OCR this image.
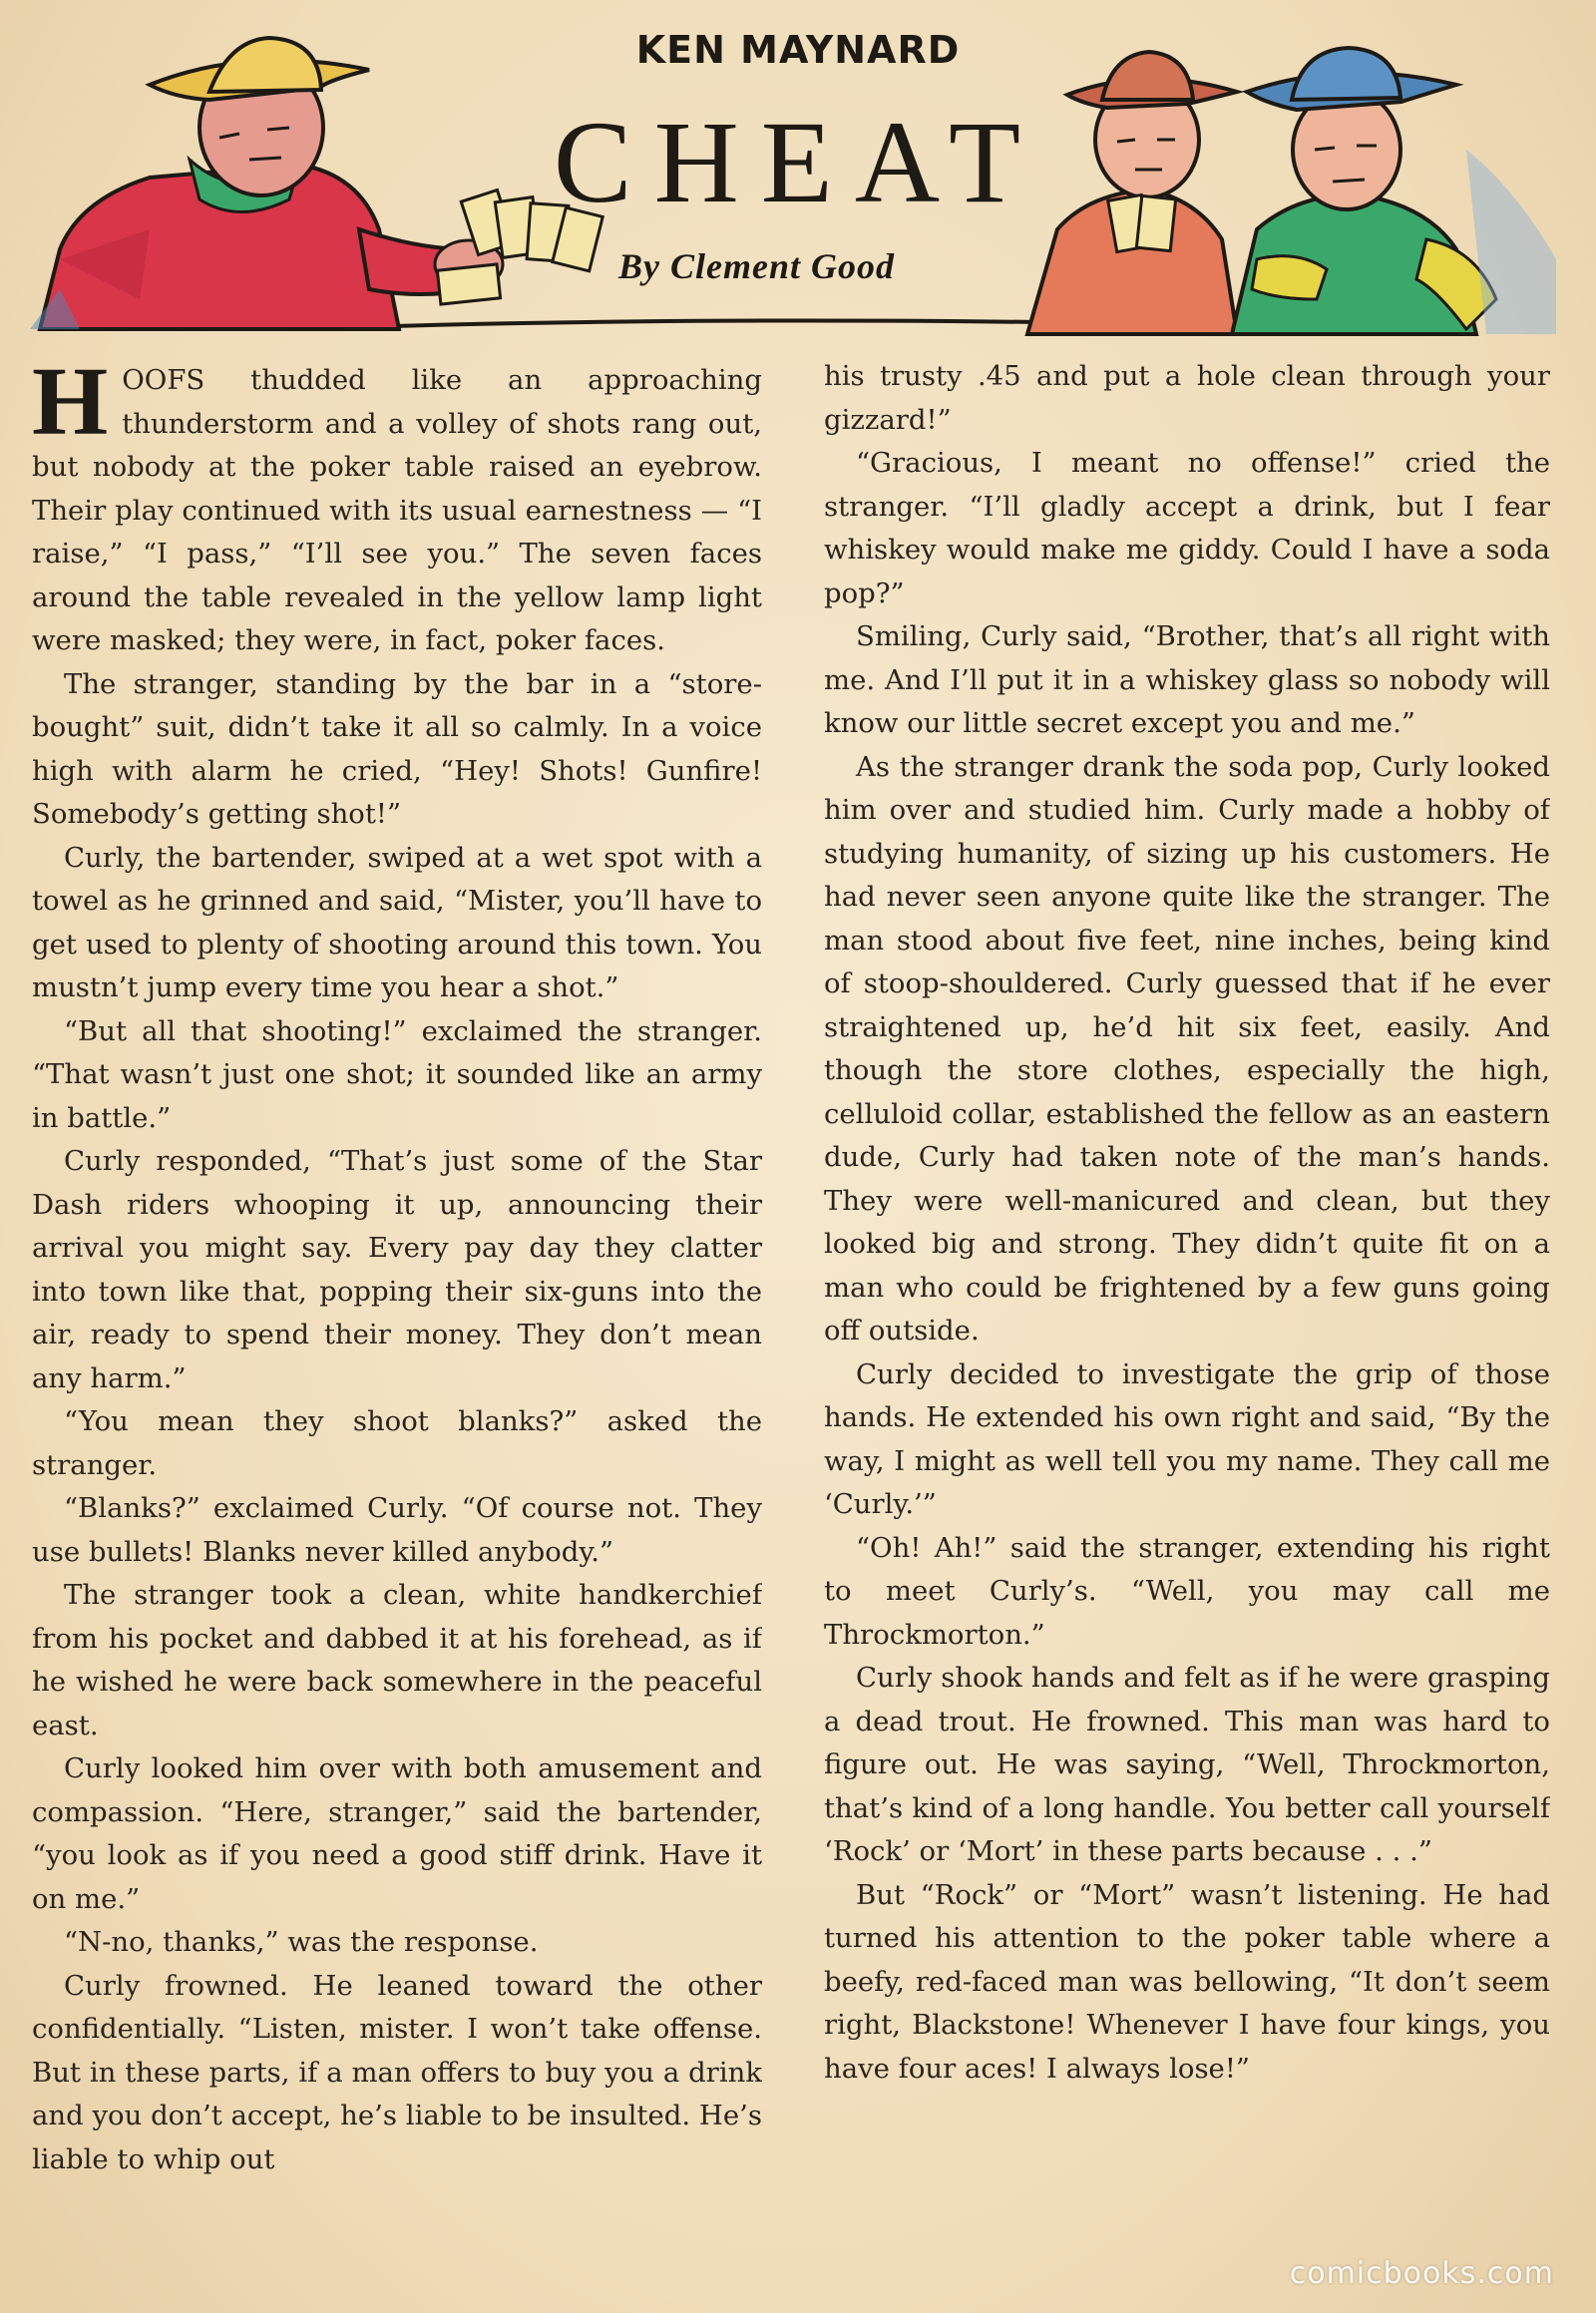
KEN MAYNARD
CHEAT
By Clement Good

HOOFS thudded like an approaching thunderstorm and a volley of shots rang out, but nobody at the poker table raised an eyebrow. Their play continued with its usual earnestness — “I raise,” “I pass,” “I’ll see you.” The seven faces around the table revealed in the yellow lamp light were masked; they were, in fact, poker faces.

The stranger, standing by the bar in a “store-bought” suit, didn’t take it all so calmly. In a voice high with alarm he cried, “Hey! Shots! Gunfire! Somebody’s getting shot!”

Curly, the bartender, swiped at a wet spot with a towel as he grinned and said, “Mister, you’ll have to get used to plenty of shooting around this town. You mustn’t jump every time you hear a shot.”

“But all that shooting!” exclaimed the stranger. “That wasn’t just one shot; it sounded like an army in battle.”

Curly responded, “That’s just some of the Star Dash riders whooping it up, announcing their arrival you might say. Every pay day they clatter into town like that, popping their six-guns into the air, ready to spend their money. They don’t mean any harm.”

“You mean they shoot blanks?” asked the stranger.

“Blanks?” exclaimed Curly. “Of course not. They use bullets! Blanks never killed anybody.”

The stranger took a clean, white handkerchief from his pocket and dabbed it at his forehead, as if he wished he were back somewhere in the peaceful east.

Curly looked him over with both amusement and compassion. “Here, stranger,” said the bartender, “you look as if you need a good stiff drink. Have it on me.”

“N-no, thanks,” was the response.

Curly frowned. He leaned toward the other confidentially. “Listen, mister. I won’t take offense. But in these parts, if a man offers to buy you a drink and you don’t accept, he’s liable to be insulted. He’s liable to whip out

his trusty .45 and put a hole clean through your gizzard!”

“Gracious, I meant no offense!” cried the stranger. “I’ll gladly accept a drink, but I fear whiskey would make me giddy. Could I have a soda pop?”

Smiling, Curly said, “Brother, that’s all right with me. And I’ll put it in a whiskey glass so nobody will know our little secret except you and me.”

As the stranger drank the soda pop, Curly looked him over and studied him. Curly made a hobby of studying humanity, of sizing up his customers. He had never seen anyone quite like the stranger. The man stood about five feet, nine inches, being kind of stoop-shouldered. Curly guessed that if he ever straightened up, he’d hit six feet, easily. And though the store clothes, especially the high, celluloid collar, established the fellow as an eastern dude, Curly had taken note of the man’s hands. They were well-manicured and clean, but they looked big and strong. They didn’t quite fit on a man who could be frightened by a few guns going off outside.

Curly decided to investigate the grip of those hands. He extended his own right and said, “By the way, I might as well tell you my name. They call me ‘Curly.’”

“Oh! Ah!” said the stranger, extending his right to meet Curly’s. “Well, you may call me Throckmorton.”

Curly shook hands and felt as if he were grasping a dead trout. He frowned. This man was hard to figure out. He was saying, “Well, Throckmorton, that’s kind of a long handle. You better call yourself ‘Rock’ or ‘Mort’ in these parts because . . .”

But “Rock” or “Mort” wasn’t listening. He had turned his attention to the poker table where a beefy, red-faced man was bellowing, “It don’t seem right, Blackstone! Whenever I have four kings, you have four aces! I always lose!”

comicbooks.com
